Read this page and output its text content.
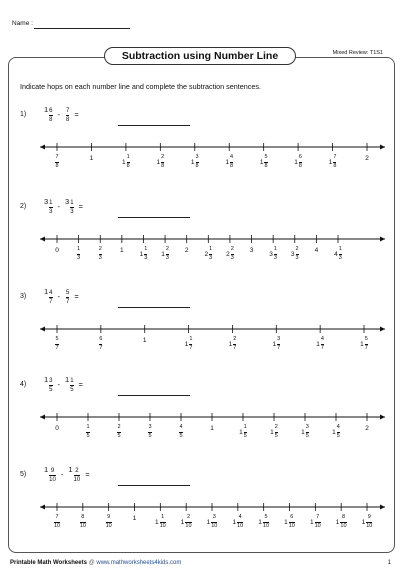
Name :
Subtraction using Number Line	Mixed Review: T1S1
Indicate hops on each number line and complete the subtraction sentences.
1)
$1 \frac{6}{8} - \frac{7}{8}$ =
$\frac{7}{8}$	1	$1 \frac{1}{8}$	$1 \frac{2}{8}$	$1 \frac{3}{8}$	$1 \frac{4}{8}$	$1 \frac{5}{8}$	$1 \frac{6}{8}$	$1 \frac{7}{8}$	2
2)
$3 \frac{1}{3} - 3 \frac{1}{3}$ =
0	$\frac{1}{3}$	$\frac{2}{3}$	1 $1 \frac{1}{3} 1 \frac{2}{3} 2$ $2 \frac{1}{3} 2 \frac{2}{3} 3$ $3 \frac{1}{3} 3 \frac{2}{3} 4$ $4 \frac{1}{3}$
3)
$1 \frac{4}{7} - \frac{5}{7}$ =
$\frac{5}{7}$	$\frac{6}{7}$	1	$1 \frac{1}{7}$	$1 \frac{2}{7}$	$1 \frac{3}{7}$	$1 \frac{4}{7}$	$1 \frac{5}{7}$
4)
$1 \frac{3}{5} - 1 \frac{1}{5}$ =
0	$\frac{1}{5}$	$\frac{2}{5}$	$\frac{3}{5}$	$\frac{4}{5}$	1	$1 \frac{1}{5}$	$1 \frac{2}{5}$	$1 \frac{3}{5}$	$1 \frac{4}{5}$	2
5)
$1 \frac{9}{10} - 1 \frac{2}{10}$ =
$\frac{7}{10}$	$\frac{8}{10}$	$\frac{9}{10}$	1	$1 \frac{1}{10} 1 \frac{2}{10} 1 \frac{3}{10} 1 \frac{4}{10} 1 \frac{5}{10} 1 \frac{6}{10} 1 \frac{7}{10} 1 \frac{8}{10} 1 \frac{9}{10}$
Printable Math Worksheets @ www.mathworksheets4kids.com	1
